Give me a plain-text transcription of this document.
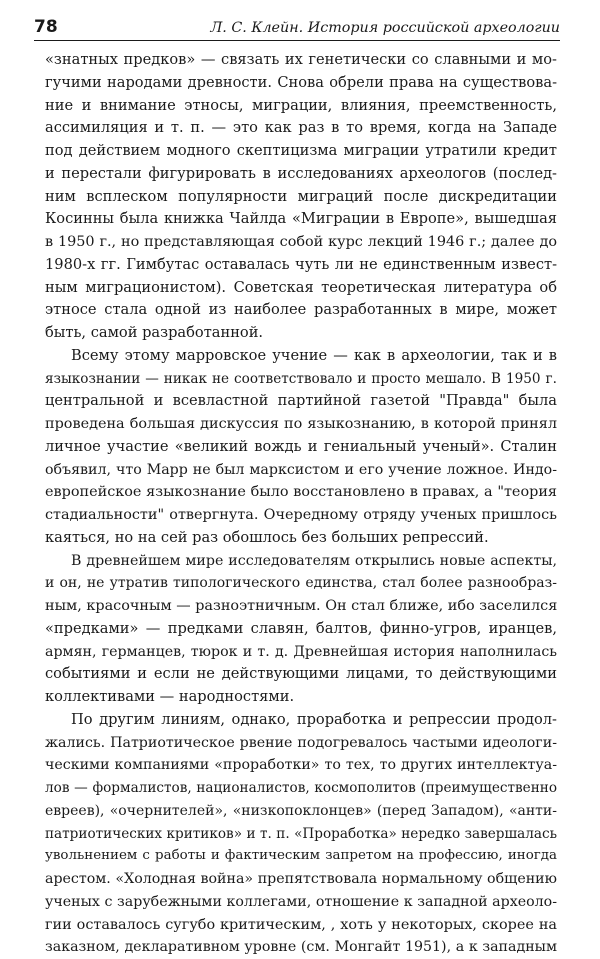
78	Л. С. Клейн. История российской археологии
«знатных предков» — связать их генетически со славными и мо-
гучими народами древности. Снова обрели права на существова-
ние и внимание этносы, миграции, влияния, преемственность,
ассимиляция и т. п. — это как раз в то время, когда на Западе
под действием модного скептицизма миграции утратили кредит
и перестали фигурировать в исследованиях археологов (послед-
ним всплеском популярности миграций после дискредитации
Косинны была книжка Чайлда «Миграции в Европе», вышедшая
в 1950 г., но представляющая собой курс лекций 1946 г.; далее до
1980-х гг. Гимбутас оставалась чуть ли не единственным извест-
ным миграционистом). Советская теоретическая литература об
этносе стала одной из наиболее разработанных в мире, может
быть, самой разработанной.
Всему этому марровское учение — как в археологии, так и в
языкознании — никак не соответствовало и просто мешало. В 1950 г.
центральной и всевластной партийной газетой "Правда" была
проведена большая дискуссия по языкознанию, в которой принял
личное участие «великий вождь и гениальный ученый». Сталин
объявил, что Марр не был марксистом и его учение ложное. Индо-
европейское языкознание было восстановлено в правах, а "теория
стадиальности" отвергнута. Очередному отряду ученых пришлось
каяться, но на сей раз обошлось без больших репрессий.
В древнейшем мире исследователям открылись новые аспекты,
и он, не утратив типологического единства, стал более разнообраз-
ным, красочным — разноэтничным. Он стал ближе, ибо заселился
«предками» — предками славян, балтов, финно-угров, иранцев,
армян, германцев, тюрок и т. д. Древнейшая история наполнилась
событиями и если не действующими лицами, то действующими
коллективами — народностями.
По другим линиям, однако, проработка и репрессии продол-
жались. Патриотическое рвение подогревалось частыми идеологи-
ческими компаниями «проработки» то тех, то других интеллектуа-
лов — формалистов, националистов, космополитов (преимущественно
евреев), «очернителей», «низкопоклонцев» (перед Западом), «анти-
патриотических критиков» и т. п. «Проработка» нередко завершалась
увольнением с работы и фактическим запретом на профессию, иногда
арестом. «Холодная война» препятствовала нормальному общению
ученых с зарубежными коллегами, отношение к западной археоло-
гии оставалось сугубо критическим, , хоть у некоторых, скорее на
заказном, декларативном уровне (см. Монгайт 1951), а к западным
